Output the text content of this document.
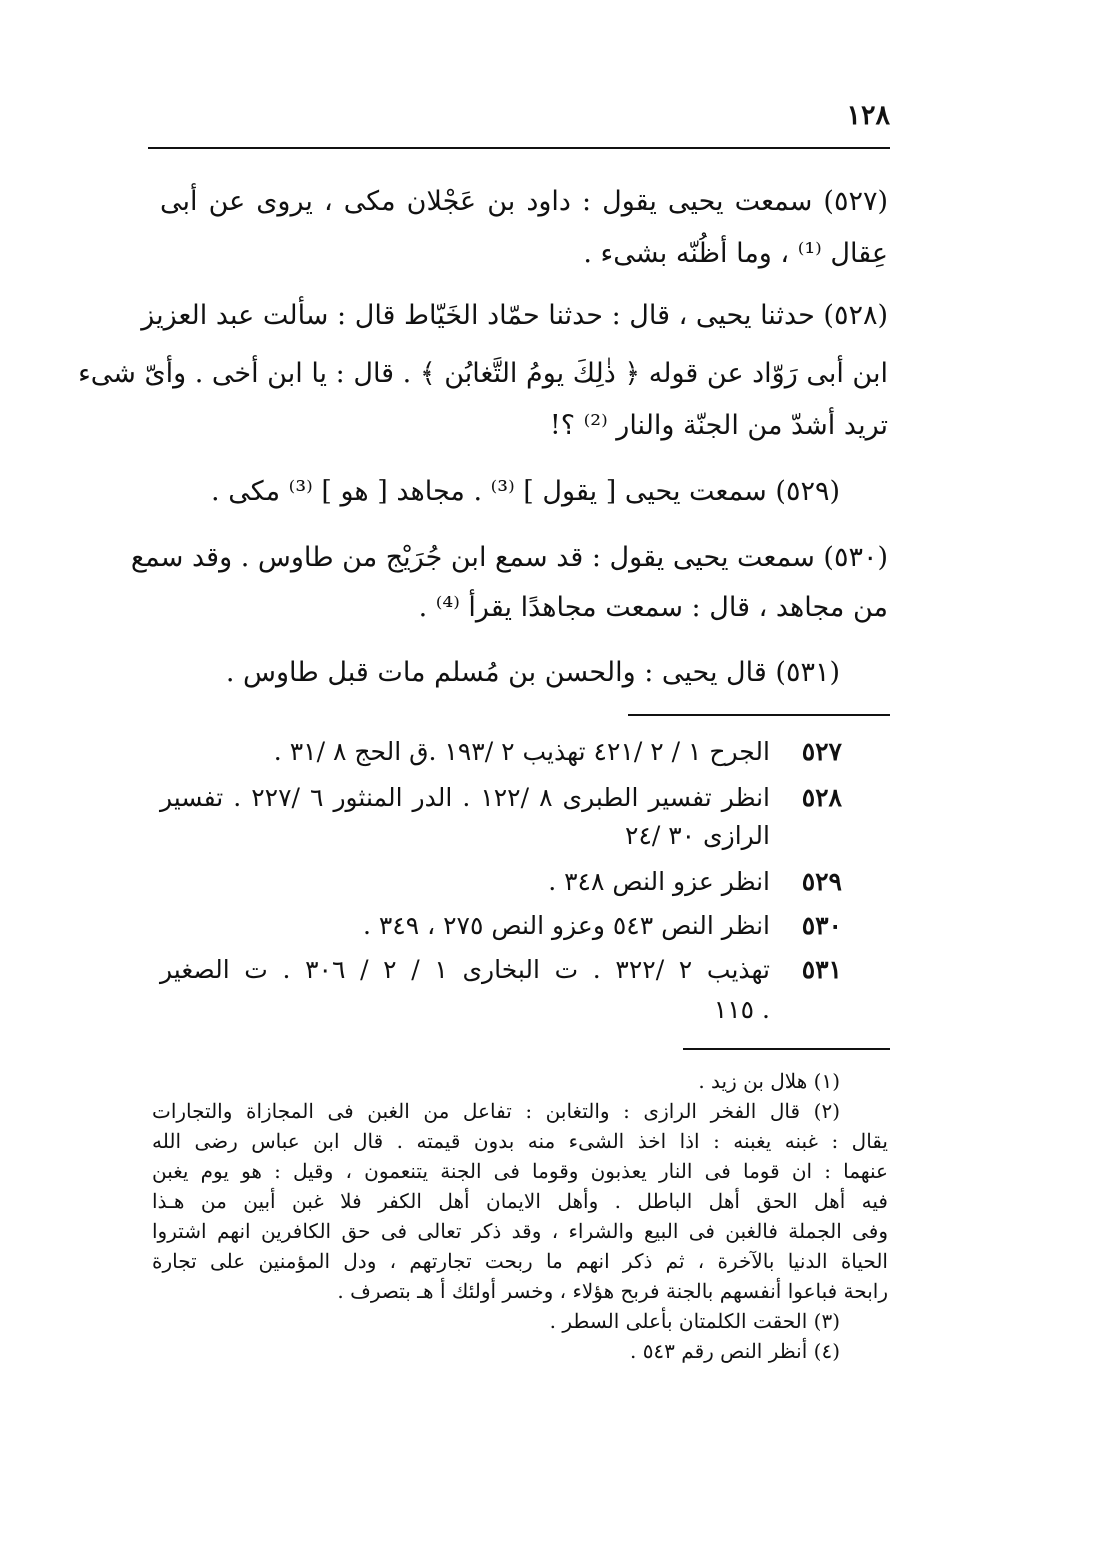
١٢٨
(٥٢٧) سمعت يحيى يقول : داود بن عَجْلان مكى ، يروى عن أبى
عِقال ⁽¹⁾ ، وما أظُنّه بشىء .
(٥٢٨) حدثنا يحيى ، قال : حدثنا حمّاد الخَيّاط قال : سألت عبد العزيز
ابن أبى رَوّاد عن قوله ﴿ ذٰلِكَ يومُ التَّغابُن ﴾ . قال : يا ابن أخى . وأىّ شىء
تريد أشدّ من الجنّة والنار ⁽²⁾ ؟!
(٥٢٩) سمعت يحيى [ يقول ] ⁽³⁾ . مجاهد [ هو ] ⁽³⁾ مكى .
(٥٣٠) سمعت يحيى يقول : قد سمع ابن جُرَيْج من طاوس . وقد سمع
من مجاهد ، قال : سمعت مجاهدًا يقرأ ⁽⁴⁾ .
(٥٣١) قال يحيى : والحسن بن مُسلم مات قبل طاوس .
٥٢٧
الجرح ١ / ٢ /٤٢١ تهذيب ٢ /١٩٣ .ق الحج ٨ /٣١ .
٥٢٨
انظر تفسير الطبرى ٨ /١٢٢ . الدر المنثور ٦ /٢٢٧ . تفسير
الرازى ٣٠ /٢٤
٥٢٩
انظر عزو النص ٣٤٨ .
٥٣٠
انظر النص ٥٤٣ وعزو النص ٢٧٥ ، ٣٤٩ .
٥٣١
تهذيب ٢ /٣٢٢ . ت البخارى ١ / ٢ / ٣٠٦ . ت الصغير
١١٥ .
(١) هلال بن زيد .
(٢) قال الفخر الرازى : والتغابن : تفاعل من الغبن فى المجازاة والتجارات
يقال : غبنه يغبنه : اذا اخذ الشىء منه بدون قيمته . قال ابن عباس رضى الله
عنهما : ان قوما فى النار يعذبون وقوما فى الجنة يتنعمون ، وقيل : هو يوم يغبن
فيه أهل الحق أهل الباطل . وأهل الايمان أهل الكفر فلا غبن أبين من هـذا
وفى الجملة فالغبن فى البيع والشراء ، وقد ذكر تعالى فى حق الكافرين انهم اشتروا
الحياة الدنيا بالآخرة ، ثم ذكر انهم ما ربحت تجارتهم ، ودل المؤمنين على تجارة
رابحة فباعوا أنفسهم بالجنة فربح هؤلاء ، وخسر أولئك أ هـ بتصرف .
(٣) الحقت الكلمتان بأعلى السطر .
(٤) أنظر النص رقم ٥٤٣ .
